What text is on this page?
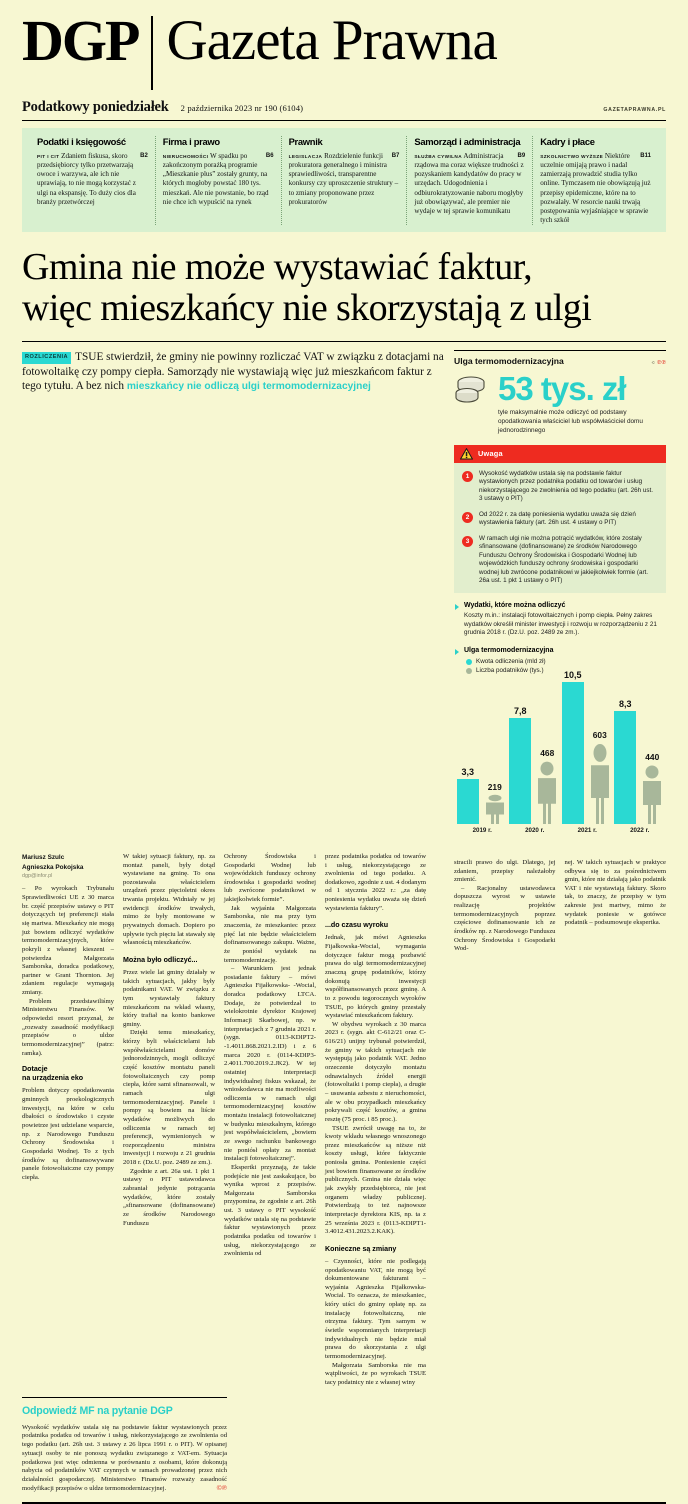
DGP Gazeta Prawna
Podatkowy poniedziałek 2 października 2023 nr 190 (6104)	GAZETAPRAWNA.PL
Podatki i księgowość

B2
PIT I CIT Zdaniem fiskusa, skoro przedsiębiorcy tylko przetwarzają owoce i warzywa, ale ich nie uprawiają, to nie mogą korzystać z ulgi na ekspansję. To duży cios dla branży przetwórczej

Firma i prawo

B6
NIERUCHOMOŚCI W spadku po zakończonym porażką programie „Mieszkanie plus” zostały grunty, na których mogłoby powstać 180 tys. mieszkań. Ale nie powstanie, bo rząd nie chce ich wypuścić na rynek

Prawnik

B7
LEGISLACJA Rozdzielenie funkcji prokuratora generalnego i ministra sprawiedliwości, transparentne konkursy czy uproszczenie struktury – to zmiany proponowane przez prokuratorów

Samorząd i administracja

B9
SŁUŻBA CYWILNA Administracja rządowa ma coraz większe trudności z pozyskaniem kandydatów do pracy w urzędach. Udogodnienia i odbiurokratyzowanie naboru mogłyby już obowiązywać, ale premier nie wydaje w tej sprawie komunikatu

Kadry i płace

B11
SZKOLNICTWO WYŻSZE Niektóre uczelnie omijają prawo i nadal zamierzają prowadzić studia tylko online. Tymczasem nie obowiązują już przepisy epidemiczne, które na to pozwalały. W resorcie nauki trwają postępowania wyjaśniające w sprawie tych szkół

Gmina nie może wystawiać faktur,
więc mieszkańcy nie skorzystają z ulgi

ROZLICZENIA TSUE stwierdził, że gminy nie powinny rozliczać VAT w związku z dotacjami na fotowoltaikę czy pompy ciepła. Samorządy nie wystawiają więc już mieszkańcom faktur z tego tytułu. A bez nich mieszkańcy nie odliczą ulgi termomodernizacyjnej

Ulga termomodernizacyjna	© ℗℗
53 tys. zł
tyle maksymalnie może odliczyć od podstawy opodatkowania właściciel lub współwłaściciel domu jednorodzinnego
Uwaga
1	Wysokość wydatków ustala się na podstawie faktur wystawionych przez podatnika podatku od towarów i usług niekorzystającego ze zwolnienia od tego podatku (art. 26h ust. 3 ustawy o PIT)

2	Od 2022 r. za datę poniesienia wydatku uważa się dzień wystawienia faktury (art. 26h ust. 4 ustawy o PIT)

3	W ramach ulgi nie można potrącić wydatków, które zostały sfinansowane (dofinansowane) ze środków Narodowego Funduszu Ochrony Środowiska i Gospodarki Wodnej lub wojewódzkich funduszy ochrony środowiska i gospodarki wodnej lub zwrócone podatnikowi w jakiejkolwiek formie (art. 26a ust. 1 pkt 1 ustawy o PIT)

Wydatki, które można odliczyć

Koszty m.in.: instalacji fotowoltaicznych i pomp ciepła. Pełny zakres wydatków określił minister inwestycji i rozwoju w rozporządzeniu z 21 grudnia 2018 r. (Dz.U. poz. 2489 ze zm.).

Ulga termomodernizacyjna
Kwota odliczenia (mld zł)
Liczba podatników (tys.)
3,3
219
7,8
468
10,5
603
8,3
440
2019 r.	2020 r.	2021 r.	2022 r.
Mariusz Szulc
Agnieszka Pokojska
dgp@infor.pl

– Po wyrokach Trybunału Sprawiedliwości UE z 30 marca br. część przepisów ustawy o PIT dotyczących tej preferencji stała się martwa. Mieszkańcy nie mogą już bowiem odliczyć wydatków termomodernizacyjnych, które pokryli z własnej kieszeni – potwierdza Małgorzata Samborska, doradca podatkowy, partner w Grant Thornton. Jej zdaniem regulacje wymagają zmiany.

Problem przedstawiliśmy Ministerstwu Finansów. W odpowiedzi resort przyznał, że „rozważy zasadność modyfikacji przepisów o uldze termomodernizacyjnej” (patrz: ramka).

Dotacje
na urządzenia eko

Problem dotyczy opodatkowania gminnych proekologicznych inwestycji, na które w celu dbałości o środowisko i czyste powietrze jest udzielane wsparcie, np. z Narodowego Funduszu Ochrony Środowiska i Gospodarki Wodnej. To z tych środków są dofinansowywane panele fotowoltaiczne czy pompy ciepła.

W takiej sytuacji faktury, np. za montaż paneli, były dotąd wystawiane na gminę. To ona pozostawała właścicielem urządzeń przez pięcioletni okres trwania projektu. Widniały w jej ewidencji środków trwałych, mimo że były montowane w prywatnych domach. Dopiero po upływie tych pięciu lat stawały się własnością mieszkańców.

Można było odliczyć...

Przez wiele lat gminy działały w takich sytuacjach, jakby były podatnikami VAT. W związku z tym wystawiały faktury mieszkańcom na wkład własny, który trafiał na konto bankowe gminy.

Dzięki temu mieszkańcy, którzy byli właścicielami lub współwłaścicielami domów jednorodzinnych, mogli odliczyć część kosztów montażu paneli fotowoltaicznych czy pomp ciepła, które sami sfinansowali, w ramach ulgi termomodernizacyjnej. Panele i pompy są bowiem na liście wydatków możliwych do odliczenia w ramach tej preferencji, wymienionych w rozporządzeniu ministra inwestycji i rozwoju z 21 grudnia 2018 r. (Dz.U. poz. 2489 ze zm.).

Zgodnie z art. 26a ust. 1 pkt 1 ustawy o PIT ustawodawca zabraniał jedynie potrącania wydatków, które zostały „sfinansowane (dofinansowane) ze środków Narodowego Funduszu

Ochrony Środowiska i Gospodarki Wodnej lub wojewódzkich funduszy ochrony środowiska i gospodarki wodnej lub zwrócone podatnikowi w jakiejkolwiek formie”.

Jak wyjaśnia Małgorzata Samborska, nie ma przy tym znaczenia, że mieszkaniec przez pięć lat nie będzie właścicielem dofinansowanego zakupu. Ważne, że poniósł wydatek na termomodernizację.

– Warunkiem jest jednak posiadanie faktury – mówi Agnieszka Fijałkowska- -Wocial, doradca podatkowy LTCA. Dodaje, że potwierdzał to wielokrotnie dyrektor Krajowej Informacji Skarbowej, np. w interpretacjach z 7 grudnia 2021 r. (sygn. 0113-KDIPT2- -1.4011.868.2021.2.ID) i z 6 marca 2020 r. (0114-KDIP3-2.4011.700.2019.2.JK2). W tej ostatniej interpretacji indywidualnej fiskus wskazał, że wnioskodawca nie ma możliwości odliczenia w ramach ulgi termomodernizacyjnej kosztów montażu instalacji fotowoltaicznej w budynku mieszkalnym, którego jest współwłaścicielem, „bowiem ze swego rachunku bankowego nie poniósł opłaty za montaż instalacji fotowoltaicznej”.

Ekspertki przyznają, że takie podejście nie jest zaskakujące, bo wynika wprost z przepisów. Małgorzata Samborska przypomina, że zgodnie z art. 26h ust. 3 ustawy o PIT wysokość wydatków ustala się na podstawie faktur wystawionych przez podatnika podatku od towarów i usług, niekorzystającego ze zwolnienia od

przez podatnika podatku od towarów i usług, niekorzystającego ze zwolnienia od tego podatku. A dodatkowo, zgodnie z ust. 4 dodanym od 1 stycznia 2022 r.: „za datę poniesienia wydatku uważa się dzień wystawienia faktury”.

...do czasu wyroku

Jednak, jak mówi Agnieszka Fijałkowska-Wocial, wymagania dotyczące faktur mogą pozbawić prawa do ulgi termomodernizacyjnej znaczną grupę podatników, którzy dokonują inwestycji współfinansowanych przez gminę. A to z powodu tegorocznych wyroków TSUE, po których gminy przestały wystawiać mieszkańcom faktury.

W obydwu wyrokach z 30 marca 2023 r. (sygn. akt C-612/21 oraz C-616/21) unijny trybunał potwierdził, że gminy w takich sytuacjach nie występują jako podatnik VAT. Jedno orzeczenie dotyczyło montażu odnawialnych źródeł energii (fotowoltaiki i pomp ciepła), a drugie – usuwania azbestu z nieruchomości, ale w obu przypadkach mieszkańcy pokrywali część kosztów, a gmina resztę (75 proc. i 85 proc.).

TSUE zwrócił uwagę na to, że kwoty wkładu własnego wnoszonego przez mieszkańców są niższe niż koszty usługi, które faktycznie poniosła gmina. Poniesienie części jest bowiem finansowane ze środków publicznych. Gmina nie działa więc jak zwykły przedsiębiorca, nie jest organem władzy publicznej. Potwierdzają to też najnowsze interpretacje dyrektora KIS, np. ta z 25 września 2023 r. (0113-KDIPT1-3.4012.431.2023.2.KAK).

Konieczne są zmiany

– Czynności, które nie podlegają opodatkowaniu VAT, nie mogą być dokumentowane fakturami – wyjaśnia Agnieszka Fijałkowska-Wocial. To oznacza, że mieszkaniec, który uiści do gminy opłatę np. za instalację fotowoltaiczną, nie otrzyma faktury. Tym samym w świetle wspomnianych interpretacji indywidualnych nie będzie miał prawa do skorzystania z ulgi termomodernizacyjnej.

Małgorzata Samborska nie ma wątpliwości, że po wyrokach TSUE tacy podatnicy nie z własnej winy

Odpowiedź MF na pytanie DGP

Wysokość wydatków ustala się na podstawie faktur wystawionych przez podatnika podatku od towarów i usług, niekorzystającego ze zwolnienia od tego podatku (art. 26h ust. 3 ustawy z 26 lipca 1991 r. o PIT). W opisanej sytuacji osoby te nie ponoszą wydatku związanego z VAT-em. Sytuacja podatkowa jest więc odmienna w porównaniu z osobami, które dokonują nabycia od podatników VAT czynnych w ramach prowadzonej przez nich działalności gospodarczej. Ministerstwo Finansów rozważy zasadność modyfikacji przepisów o uldze termomodernizacyjnej.	©℗

stracili prawo do ulgi. Dlatego, jej zdaniem, przepisy należałoby zmienić.

– Racjonalny ustawodawca dopuszcza wyrost w ustawie realizację projektów termomodernizacyjnych poprzez częściowe dofinansowanie ich ze środków np. z Narodowego Funduszu Ochrony Środowiska i Gospodarki Wod-

nej. W takich sytuacjach w praktyce odbywa się to za pośrednictwem gmin, które nie działają jako podatnik VAT i nie wystawiają faktury. Skoro tak, to znaczy, że przepisy w tym zakresie jest martwy, mimo że wydatek poniesie w gotówce podatnik – podsumowuje ekspertka.
